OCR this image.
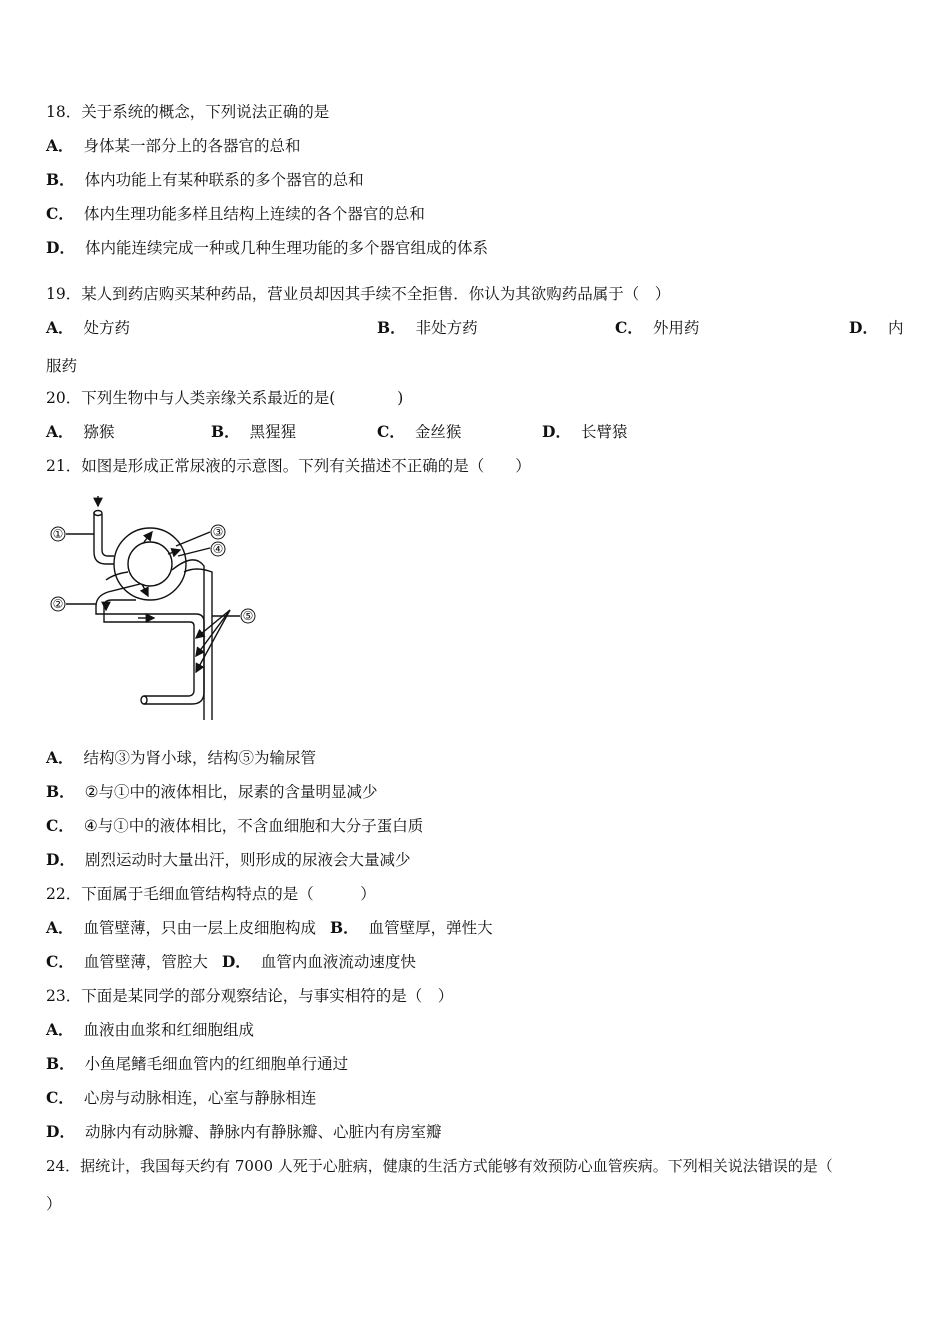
18．关于系统的概念，下列说法正确的是
A． 身体某一部分上的各器官的总和
B． 体内功能上有某种联系的多个器官的总和
C． 体内生理功能多样且结构上连续的各个器官的总和
D． 体内能连续完成一种或几种生理功能的多个器官组成的体系
19．某人到药店购买某种药品，营业员却因其手续不全拒售．你认为其欲购药品属于（　）
A． 处方药	B． 非处方药	C． 外用药	D． 内
服药
20．下列生物中与人类亲缘关系最近的是(　　　　)
A． 猕猴	B． 黑猩猩	C． 金丝猴	D． 长臂猿
21．如图是形成正常尿液的示意图。下列有关描述不正确的是（　　）
①
②
③
④
⑤
A． 结构③为肾小球，结构⑤为输尿管
B． ②与①中的液体相比，尿素的含量明显减少
C． ④与①中的液体相比，不含血细胞和大分子蛋白质
D． 剧烈运动时大量出汗，则形成的尿液会大量减少
22．下面属于毛细血管结构特点的是（　　　）
A． 血管壁薄，只由一层上皮细胞构成 B． 血管壁厚，弹性大
C． 血管壁薄，管腔大 D． 血管内血液流动速度快
23．下面是某同学的部分观察结论，与事实相符的是（　）
A． 血液由血浆和红细胞组成
B． 小鱼尾鳍毛细血管内的红细胞单行通过
C． 心房与动脉相连，心室与静脉相连
D． 动脉内有动脉瓣、静脉内有静脉瓣、心脏内有房室瓣
24．据统计，我国每天约有 7000 人死于心脏病，健康的生活方式能够有效预防心血管疾病。下列相关说法错误的是（
）
